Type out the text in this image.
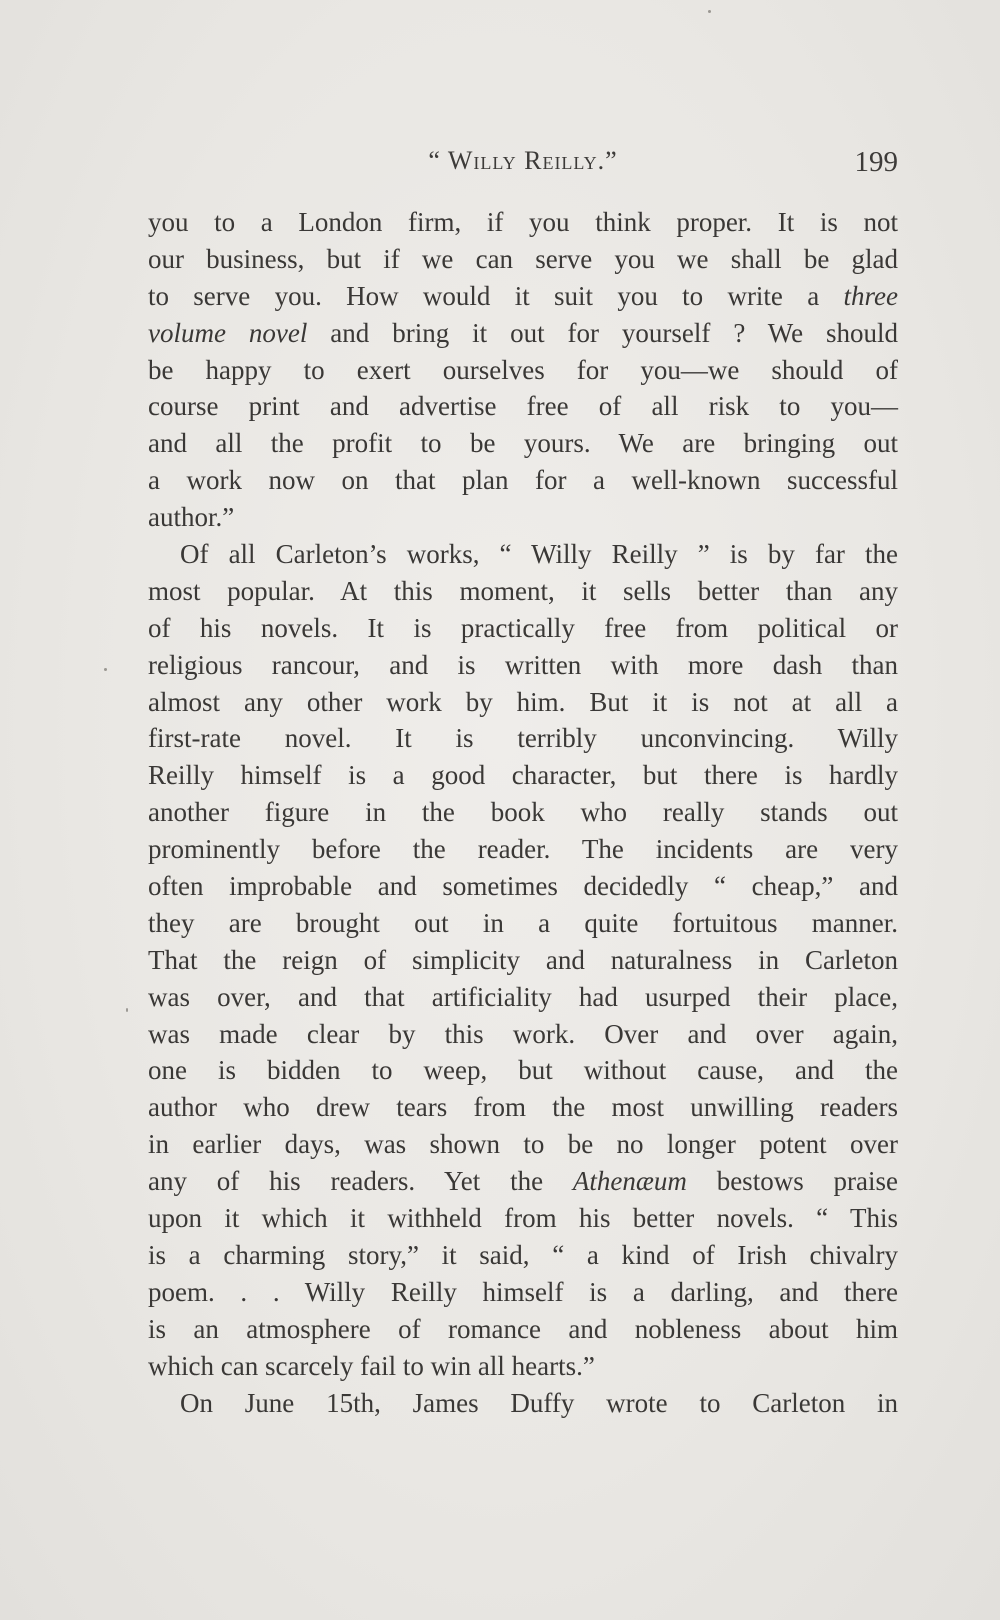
“ Willy Reilly.”	199
you to a London firm, if you think proper. It is not
our business, but if we can serve you we shall be glad
to serve you. How would it suit you to write a three
volume novel and bring it out for yourself ? We should
be happy to exert ourselves for you—we should of
course print and advertise free of all risk to you—
and all the profit to be yours. We are bringing out
a work now on that plan for a well-known successful
author.”
Of all Carleton’s works, “ Willy Reilly ” is by far the
most popular. At this moment, it sells better than any
of his novels. It is practically free from political or
religious rancour, and is written with more dash than
almost any other work by him. But it is not at all a
first-rate novel. It is terribly unconvincing. Willy
Reilly himself is a good character, but there is hardly
another figure in the book who really stands out
prominently before the reader. The incidents are very
often improbable and sometimes decidedly “ cheap,” and
they are brought out in a quite fortuitous manner.
That the reign of simplicity and naturalness in Carleton
was over, and that artificiality had usurped their place,
was made clear by this work. Over and over again,
one is bidden to weep, but without cause, and the
author who drew tears from the most unwilling readers
in earlier days, was shown to be no longer potent over
any of his readers. Yet the Athenæum bestows praise
upon it which it withheld from his better novels. “ This
is a charming story,” it said, “ a kind of Irish chivalry
poem. . . Willy Reilly himself is a darling, and there
is an atmosphere of romance and nobleness about him
which can scarcely fail to win all hearts.”
On June 15th, James Duffy wrote to Carleton in
